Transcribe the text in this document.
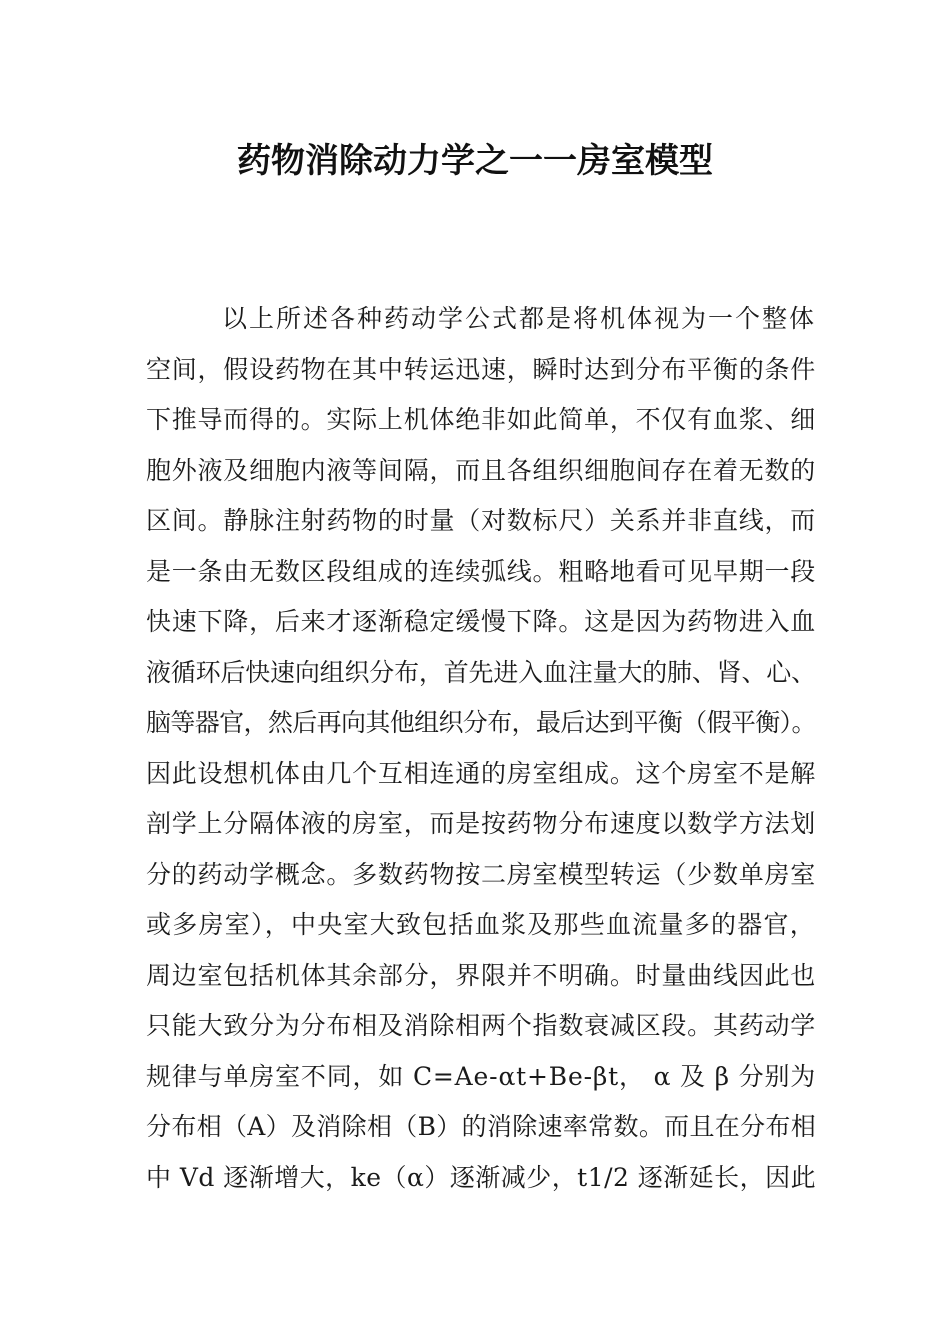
药物消除动力学之一一房室模型
以上所述各种药动学公式都是将机体视为一个整体
空间，假设药物在其中转运迅速，瞬时达到分布平衡的条件
下推导而得的。实际上机体绝非如此简单，不仅有血浆、细
胞外液及细胞内液等间隔，而且各组织细胞间存在着无数的
区间。静脉注射药物的时量（对数标尺）关系并非直线，而
是一条由无数区段组成的连续弧线。粗略地看可见早期一段
快速下降，后来才逐渐稳定缓慢下降。这是因为药物进入血
液循环后快速向组织分布，首先进入血注量大的肺、肾、心、
脑等器官，然后再向其他组织分布，最后达到平衡（假平衡）。
因此设想机体由几个互相连通的房室组成。这个房室不是解
剖学上分隔体液的房室，而是按药物分布速度以数学方法划
分的药动学概念。多数药物按二房室模型转运（少数单房室
或多房室），中央室大致包括血浆及那些血流量多的器官，
周边室包括机体其余部分，界限并不明确。时量曲线因此也
只能大致分为分布相及消除相两个指数衰减区段。其药动学
规律与单房室不同，如 C=Ae-αt+Be-βt， α 及 β 分别为
分布相（A）及消除相（B）的消除速率常数。而且在分布相
中 Vd 逐渐增大，ke（α）逐渐减少，t1/2 逐渐延长，因此
